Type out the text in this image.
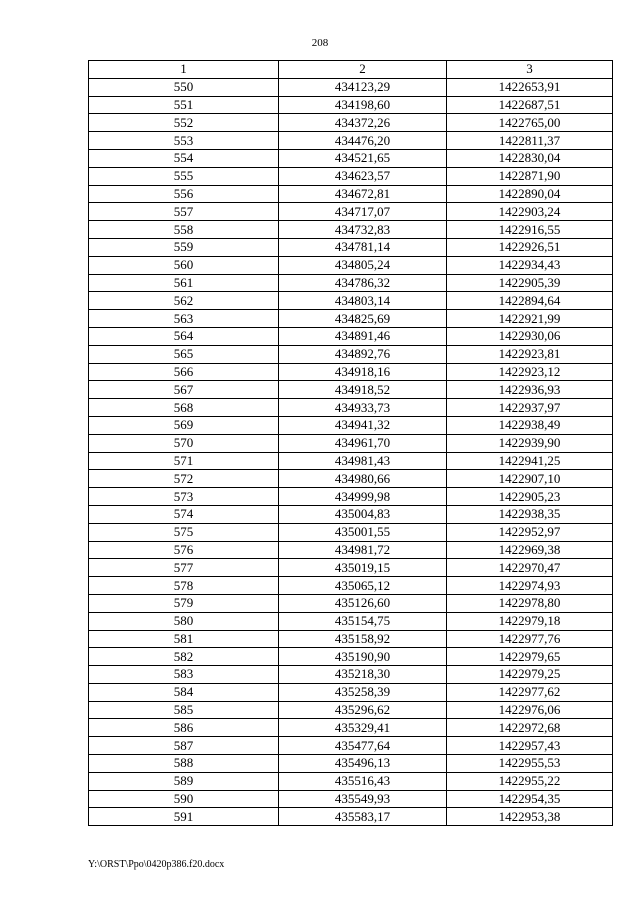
208
1	2	3
550	434123,29	1422653,91
551	434198,60	1422687,51
552	434372,26	1422765,00
553	434476,20	1422811,37
554	434521,65	1422830,04
555	434623,57	1422871,90
556	434672,81	1422890,04
557	434717,07	1422903,24
558	434732,83	1422916,55
559	434781,14	1422926,51
560	434805,24	1422934,43
561	434786,32	1422905,39
562	434803,14	1422894,64
563	434825,69	1422921,99
564	434891,46	1422930,06
565	434892,76	1422923,81
566	434918,16	1422923,12
567	434918,52	1422936,93
568	434933,73	1422937,97
569	434941,32	1422938,49
570	434961,70	1422939,90
571	434981,43	1422941,25
572	434980,66	1422907,10
573	434999,98	1422905,23
574	435004,83	1422938,35
575	435001,55	1422952,97
576	434981,72	1422969,38
577	435019,15	1422970,47
578	435065,12	1422974,93
579	435126,60	1422978,80
580	435154,75	1422979,18
581	435158,92	1422977,76
582	435190,90	1422979,65
583	435218,30	1422979,25
584	435258,39	1422977,62
585	435296,62	1422976,06
586	435329,41	1422972,68
587	435477,64	1422957,43
588	435496,13	1422955,53
589	435516,43	1422955,22
590	435549,93	1422954,35
591	435583,17	1422953,38
Y:\ORST\Ppo\0420p386.f20.docx
